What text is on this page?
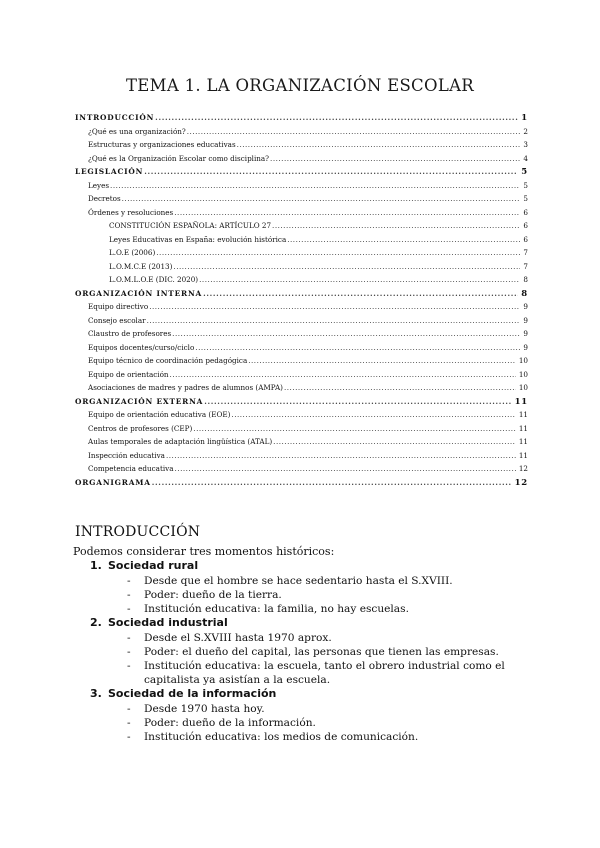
TEMA 1. LA ORGANIZACIÓN ESCOLAR
INTRODUCCIÓN .....	1
¿Qué es una organización? .....	2
Estructuras y organizaciones educativas .....	3
¿Qué es la Organización Escolar como disciplina? .....	4
LEGISLACIÓN .....	5
Leyes .....	5
Decretos .....	5
Órdenes y resoluciones .....	6
CONSTITUCIÓN ESPAÑOLA: ARTÍCULO 27 .....	6
Leyes Educativas en España: evolución histórica .....	6
L.O.E (2006) .....	7
L.O.M.C.E (2013) .....	7
L.O.M.L.O.E (DIC. 2020) .....	8
ORGANIZACIÓN INTERNA .....	8
Equipo directivo .....	9
Consejo escolar .....	9
Claustro de profesores .....	9
Equipos docentes/curso/ciclo .....	9
Equipo técnico de coordinación pedagógica .....	10
Equipo de orientación .....	10
Asociaciones de madres y padres de alumnos (AMPA) .....	10
ORGANIZACIÓN EXTERNA .....	11
Equipo de orientación educativa (EOE) .....	11
Centros de profesores (CEP) .....	11
Aulas temporales de adaptación lingüística (ATAL) .....	11
Inspección educativa .....	11
Competencia educativa .....	12
ORGANIGRAMA .....	12
INTRODUCCIÓN

Podemos considerar tres momentos históricos:

1. Sociedad rural
- Desde que el hombre se hace sedentario hasta el S.XVIII.
- Poder: dueño de la tierra.
- Institución educativa: la familia, no hay escuelas.
2. Sociedad industrial
- Desde el S.XVIII hasta 1970 aprox.
- Poder: el dueño del capital, las personas que tienen las empresas.
- Institución educativa: la escuela, tanto el obrero industrial como el capitalista ya asistían a la escuela.
3. Sociedad de la información
- Desde 1970 hasta hoy.
- Poder: dueño de la información.
- Institución educativa: los medios de comunicación.
